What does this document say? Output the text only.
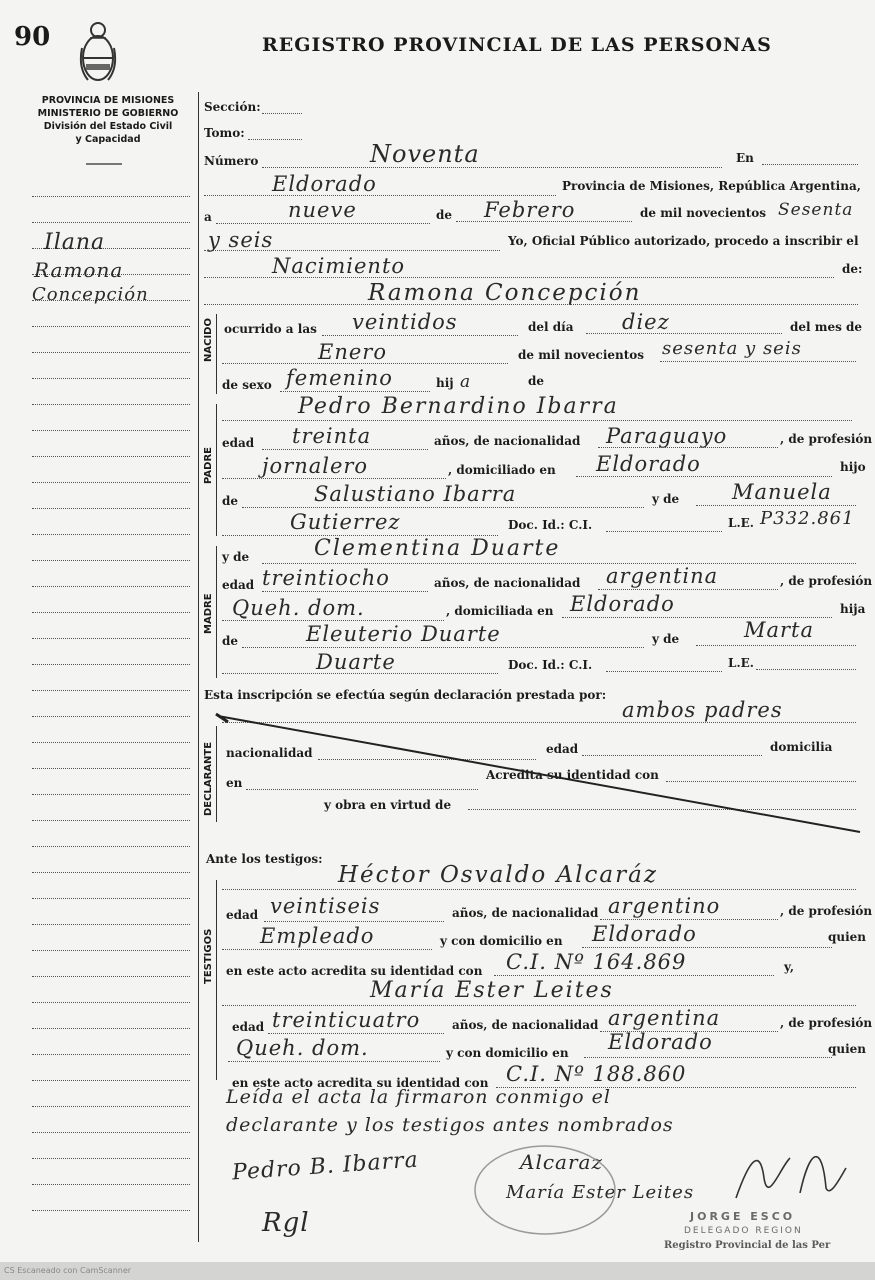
90	REGISTRO PROVINCIAL DE LAS PERSONAS
PROVINCIA DE MISIONES
MINISTERIO DE GOBIERNO
División del Estado Civil
y Capacidad
Ilana
Ramona
Concepción
Sección:
Tomo:
Número	Noventa	En
Eldorado	Provincia de Misiones, República Argentina,
a	nueve	de Febrero	de mil novecientos Sesenta
y seis	Yo, Oficial Público autorizado, procedo a inscribir el
Nacimiento	de:
Ramona Concepción
NACIDO ocurrido a las veintidos	del día diez	del mes de
Enero	de mil novecientos sesenta y seis
de sexo femenino	hij a	de
PADRE
Pedro Bernardino Ibarra
edad treinta	años, de nacionalidad Paraguayo	, de profesión
jornalero	, domiciliado en Eldorado	hijo
de	Salustiano Ibarra	y de	Manuela
Gutierrez	Doc. Id.: C.I.	L.E. P332.861
MADRE
y de	Clementina Duarte
edad treintiocho	años, de nacionalidad argentina	, de profesión
Queh. dom.	, domiciliada en Eldorado	hija
de	Eleuterio Duarte	y de	Marta
Duarte	Doc. Id.: C.I.	L.E.
Esta inscripción se efectúa según declaración prestada por:
ambos padres
DECLARANTE nacionalidad	edad	domicilia
en
Acredita su identidad con
y obra en virtud de
Ante los testigos:
TESTIGOS
Héctor Osvaldo Alcaráz
edad veintiseis	años, de nacionalidad argentino	, de profesión
Empleado	y con domicilio en Eldorado	quien
en este acto acredita su identidad con C.I. Nº 164.869	y,
María Ester Leites
edad treinticuatro	años, de nacionalidad argentina	, de profesión
Queh. dom.	y con domicilio en Eldorado	quien
en este acto acredita su identidad con C.I. Nº 188.860
Leída el acta la firmaron conmigo el
declarante y los testigos antes nombrados
Pedro B. Ibarra	Alcaraz
María Ester Leites
Rgl	JORGE ESCO
DELEGADO REGION
Registro Provincial de las Per
CS Escaneado con CamScanner
